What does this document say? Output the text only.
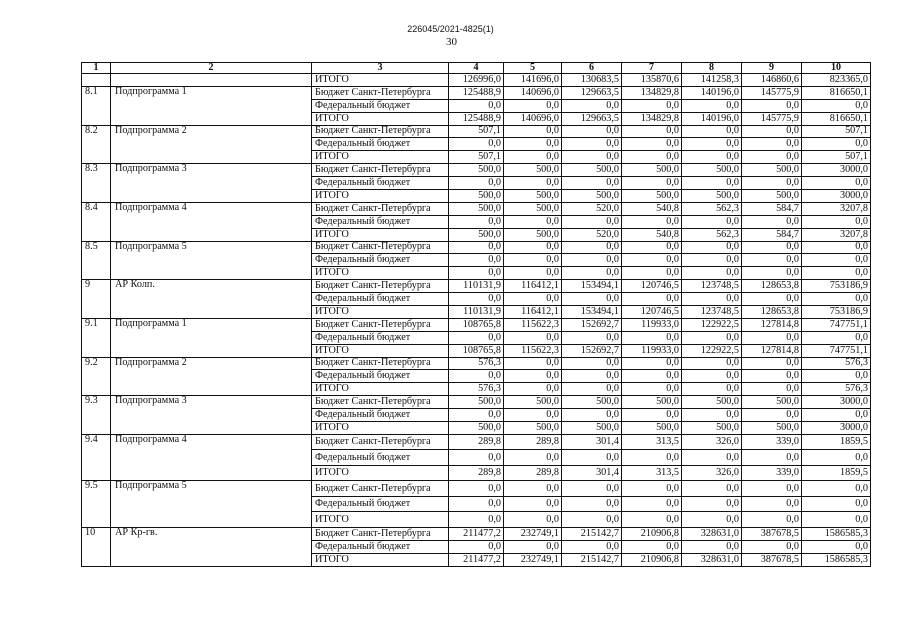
226045/2021-4825(1)
30
1	2	3	4	5	6	7	8	9	10
		ИТОГО	126996,0	141696,0	130683,5	135870,6	141258,3	146860,6	823365,0
8.1	Подпрограмма 1	Бюджет Санкт-Петербурга	125488,9	140696,0	129663,5	134829,8	140196,0	145775,9	816650,1
		Федеральный бюджет	0,0	0,0	0,0	0,0	0,0	0,0	0,0
		ИТОГО	125488,9	140696,0	129663,5	134829,8	140196,0	145775,9	816650,1
8.2	Подпрограмма 2	Бюджет Санкт-Петербурга	507,1	0,0	0,0	0,0	0,0	0,0	507,1
		Федеральный бюджет	0,0	0,0	0,0	0,0	0,0	0,0	0,0
		ИТОГО	507,1	0,0	0,0	0,0	0,0	0,0	507,1
8.3	Подпрограмма 3	Бюджет Санкт-Петербурга	500,0	500,0	500,0	500,0	500,0	500,0	3000,0
		Федеральный бюджет	0,0	0,0	0,0	0,0	0,0	0,0	0,0
		ИТОГО	500,0	500,0	500,0	500,0	500,0	500,0	3000,0
8.4	Подпрограмма 4	Бюджет Санкт-Петербурга	500,0	500,0	520,0	540,8	562,3	584,7	3207,8
		Федеральный бюджет	0,0	0,0	0,0	0,0	0,0	0,0	0,0
		ИТОГО	500,0	500,0	520,0	540,8	562,3	584,7	3207,8
8.5	Подпрограмма 5	Бюджет Санкт-Петербурга	0,0	0,0	0,0	0,0	0,0	0,0	0,0
		Федеральный бюджет	0,0	0,0	0,0	0,0	0,0	0,0	0,0
		ИТОГО	0,0	0,0	0,0	0,0	0,0	0,0	0,0
9	АР Колп.	Бюджет Санкт-Петербурга	110131,9	116412,1	153494,1	120746,5	123748,5	128653,8	753186,9
		Федеральный бюджет	0,0	0,0	0,0	0,0	0,0	0,0	0,0
		ИТОГО	110131,9	116412,1	153494,1	120746,5	123748,5	128653,8	753186,9
9.1	Подпрограмма 1	Бюджет Санкт-Петербурга	108765,8	115622,3	152692,7	119933,0	122922,5	127814,8	747751,1
		Федеральный бюджет	0,0	0,0	0,0	0,0	0,0	0,0	0,0
		ИТОГО	108765,8	115622,3	152692,7	119933,0	122922,5	127814,8	747751,1
9.2	Подпрограмма 2	Бюджет Санкт-Петербурга	576,3	0,0	0,0	0,0	0,0	0,0	576,3
		Федеральный бюджет	0,0	0,0	0,0	0,0	0,0	0,0	0,0
		ИТОГО	576,3	0,0	0,0	0,0	0,0	0,0	576,3
9.3	Подпрограмма 3	Бюджет Санкт-Петербурга	500,0	500,0	500,0	500,0	500,0	500,0	3000,0
		Федеральный бюджет	0,0	0,0	0,0	0,0	0,0	0,0	0,0
		ИТОГО	500,0	500,0	500,0	500,0	500,0	500,0	3000,0
9.4	Подпрограмма 4	Бюджет Санкт-Петербурга	289,8	289,8	301,4	313,5	326,0	339,0	1859,5
		Федеральный бюджет	0,0	0,0	0,0	0,0	0,0	0,0	0,0
		ИТОГО	289,8	289,8	301,4	313,5	326,0	339,0	1859,5
9.5	Подпрограмма 5	Бюджет Санкт-Петербурга	0,0	0,0	0,0	0,0	0,0	0,0	0,0
		Федеральный бюджет	0,0	0,0	0,0	0,0	0,0	0,0	0,0
		ИТОГО	0,0	0,0	0,0	0,0	0,0	0,0	0,0
10	АР Кр-гв.	Бюджет Санкт-Петербурга	211477,2	232749,1	215142,7	210906,8	328631,0	387678,5	1586585,3
		Федеральный бюджет	0,0	0,0	0,0	0,0	0,0	0,0	0,0
		ИТОГО	211477,2	232749,1	215142,7	210906,8	328631,0	387678,5	1586585,3
